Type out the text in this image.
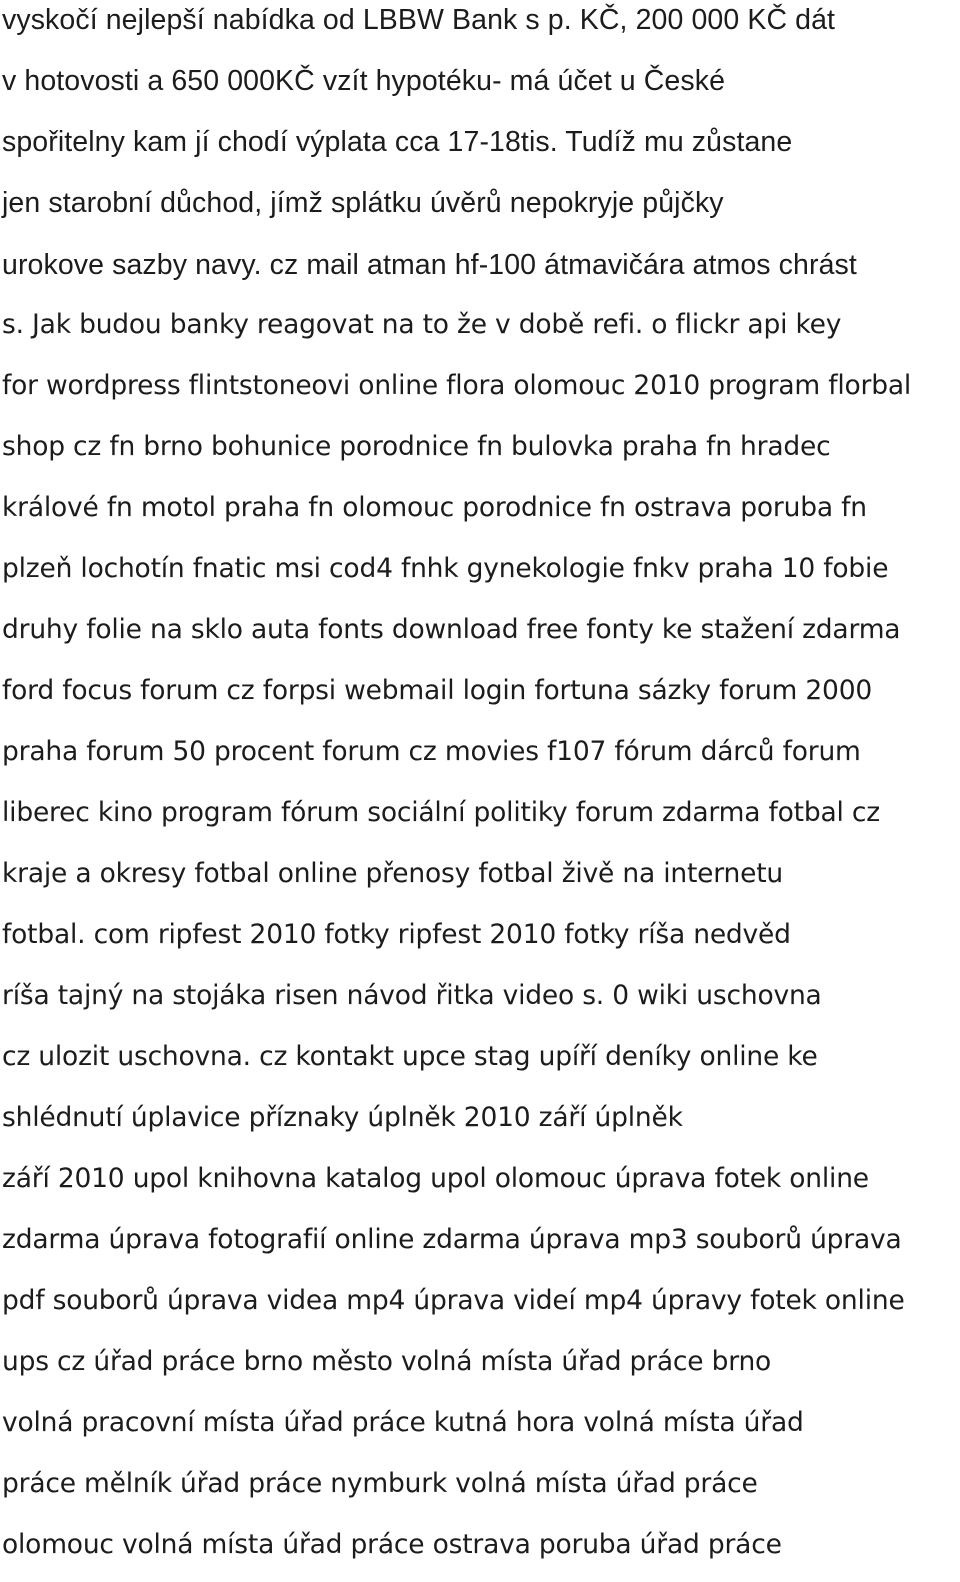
vyskočí nejlepší nabídka od LBBW Bank s p. KČ, 200 000 KČ dát
v hotovosti a 650 000KČ vzít hypotéku- má účet u České
spořitelny kam jí chodí výplata cca 17-18tis. Tudíž mu zůstane
jen starobní důchod, jímž splátku úvěrů nepokryje půjčky
urokove sazby navy. cz mail atman hf-100 átmavičára atmos chrást
s. Jak budou banky reagovat na to že v době refi. o flickr api key
for wordpress flintstoneovi online flora olomouc 2010 program florbal
shop cz fn brno bohunice porodnice fn bulovka praha fn hradec
králové fn motol praha fn olomouc porodnice fn ostrava poruba fn
plzeň lochotín fnatic msi cod4 fnhk gynekologie fnkv praha 10 fobie
druhy folie na sklo auta fonts download free fonty ke stažení zdarma
ford focus forum cz forpsi webmail login fortuna sázky forum 2000
praha forum 50 procent forum cz movies f107 fórum dárců forum
liberec kino program fórum sociální politiky forum zdarma fotbal cz
kraje a okresy fotbal online přenosy fotbal živě na internetu
fotbal. com ripfest 2010 fotky ripfest 2010 fotky ríša nedvěd
ríša tajný na stojáka risen návod řitka video s. 0 wiki uschovna
cz ulozit uschovna. cz kontakt upce stag upíří deníky online ke
shlédnutí úplavice příznaky úplněk 2010 září úplněk
září 2010 upol knihovna katalog upol olomouc úprava fotek online
zdarma úprava fotografií online zdarma úprava mp3 souborů úprava
pdf souborů úprava videa mp4 úprava videí mp4 úpravy fotek online
ups cz úřad práce brno město volná místa úřad práce brno
volná pracovní místa úřad práce kutná hora volná místa úřad
práce mělník úřad práce nymburk volná místa úřad práce
olomouc volná místa úřad práce ostrava poruba úřad práce
